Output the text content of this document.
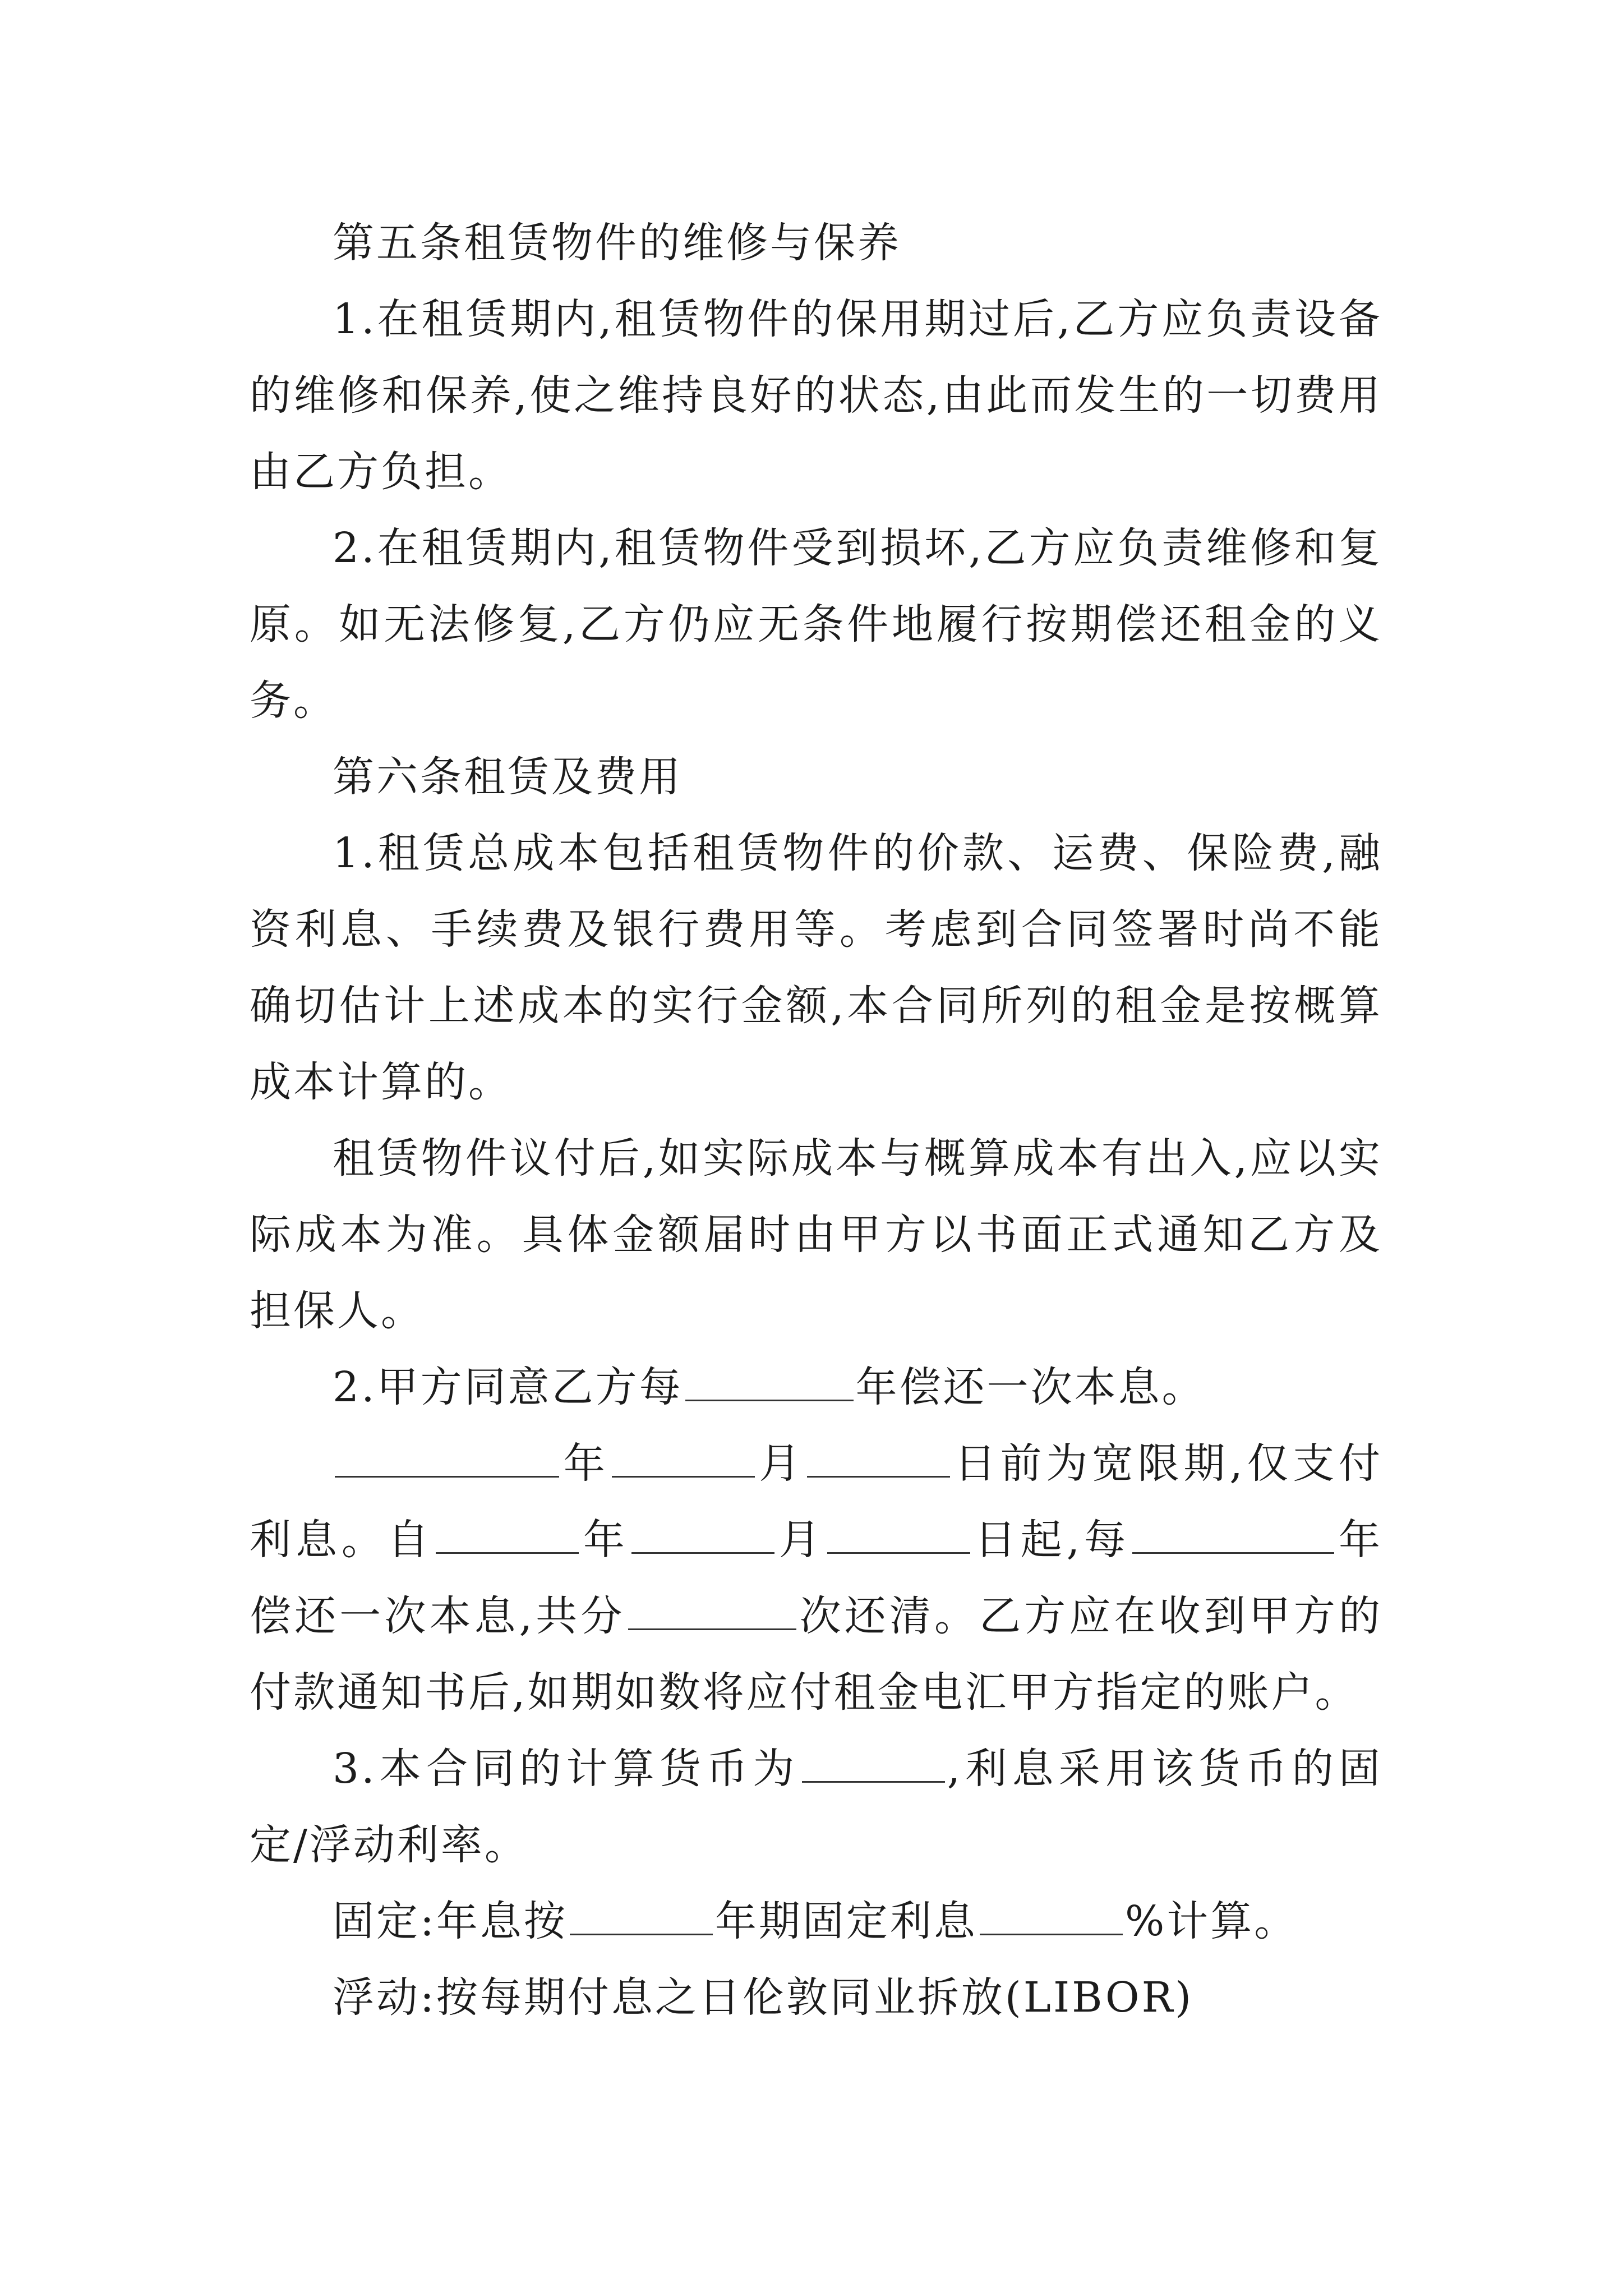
第五条租赁物件的维修与保养

1.在租赁期内,租赁物件的保用期过后,乙方应负责设备的维修和保养,使之维持良好的状态,由此而发生的一切费用由乙方负担。

2.在租赁期内,租赁物件受到损坏,乙方应负责维修和复原。如无法修复,乙方仍应无条件地履行按期偿还租金的义务。

第六条租赁及费用

1.租赁总成本包括租赁物件的价款、运费、保险费,融资利息、手续费及银行费用等。考虑到合同签署时尚不能确切估计上述成本的实行金额,本合同所列的租金是按概算成本计算的。

租赁物件议付后,如实际成本与概算成本有出入,应以实际成本为准。具体金额届时由甲方以书面正式通知乙方及担保人。

2.甲方同意乙方每	年偿还一次本息。

年	月	日前为宽限期,仅支付利息。自	年	月	日起,每	年偿还一次本息,共分	次还清。乙方应在收到甲方的付款通知书后,如期如数将应付租金电汇甲方指定的账户。

3.本合同的计算货币为	,利息采用该货币的固定/浮动利率。

固定:年息按	年期固定利息	%计算。

浮动:按每期付息之日伦敦同业拆放(LIBOR)
